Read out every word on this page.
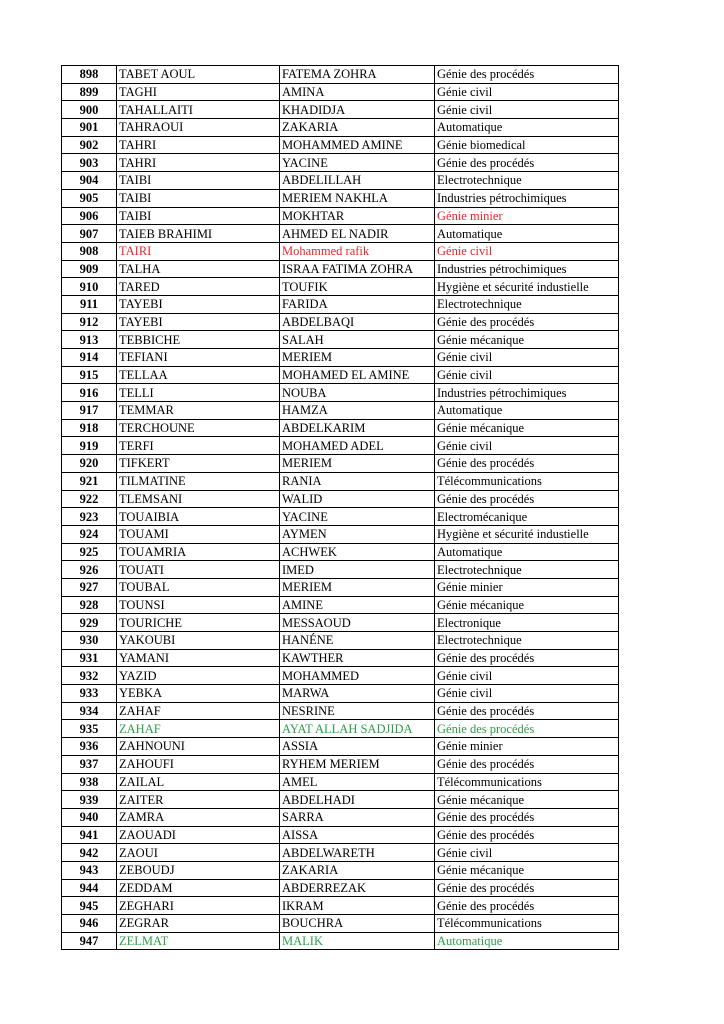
898	TABET AOUL	FATEMA ZOHRA	Génie des procédés
899	TAGHI	AMINA	Génie civil
900	TAHALLAITI	KHADIDJA	Génie civil
901	TAHRAOUI	ZAKARIA	Automatique
902	TAHRI	MOHAMMED AMINE	Génie biomedical
903	TAHRI	YACINE	Génie des procédés
904	TAIBI	ABDELILLAH	Electrotechnique
905	TAIBI	MERIEM NAKHLA	Industries pétrochimiques
906	TAIBI	MOKHTAR	Génie minier
907	TAIEB BRAHIMI	AHMED EL NADIR	Automatique
908	TAIRI	Mohammed rafik	Génie civil
909	TALHA	ISRAA FATIMA ZOHRA	Industries pétrochimiques
910	TARED	TOUFIK	Hygiène et sécurité industielle
911	TAYEBI	FARIDA	Electrotechnique
912	TAYEBI	ABDELBAQI	Génie des procédés
913	TEBBICHE	SALAH	Génie mécanique
914	TEFIANI	MERIEM	Génie civil
915	TELLAA	MOHAMED EL AMINE	Génie civil
916	TELLI	NOUBA	Industries pétrochimiques
917	TEMMAR	HAMZA	Automatique
918	TERCHOUNE	ABDELKARIM	Génie mécanique
919	TERFI	MOHAMED ADEL	Génie civil
920	TIFKERT	MERIEM	Génie des procédés
921	TILMATINE	RANIA	Télécommunications
922	TLEMSANI	WALID	Génie des procédés
923	TOUAIBIA	YACINE	Electromécanique
924	TOUAMI	AYMEN	Hygiène et sécurité industielle
925	TOUAMRIA	ACHWEK	Automatique
926	TOUATI	IMED	Electrotechnique
927	TOUBAL	MERIEM	Génie minier
928	TOUNSI	AMINE	Génie mécanique
929	TOURICHE	MESSAOUD	Electronique
930	YAKOUBI	HANÉNE	Electrotechnique
931	YAMANI	KAWTHER	Génie des procédés
932	YAZID	MOHAMMED	Génie civil
933	YEBKA	MARWA	Génie civil
934	ZAHAF	NESRINE	Génie des procédés
935	ZAHAF	AYAT ALLAH SADJIDA	Génie des procédés
936	ZAHNOUNI	ASSIA	Génie minier
937	ZAHOUFI	RYHEM MERIEM	Génie des procédés
938	ZAILAL	AMEL	Télécommunications
939	ZAITER	ABDELHADI	Génie mécanique
940	ZAMRA	SARRA	Génie des procédés
941	ZAOUADI	AISSA	Génie des procédés
942	ZAOUI	ABDELWARETH	Génie civil
943	ZEBOUDJ	ZAKARIA	Génie mécanique
944	ZEDDAM	ABDERREZAK	Génie des procédés
945	ZEGHARI	IKRAM	Génie des procédés
946	ZEGRAR	BOUCHRA	Télécommunications
947	ZELMAT	MALIK	Automatique
